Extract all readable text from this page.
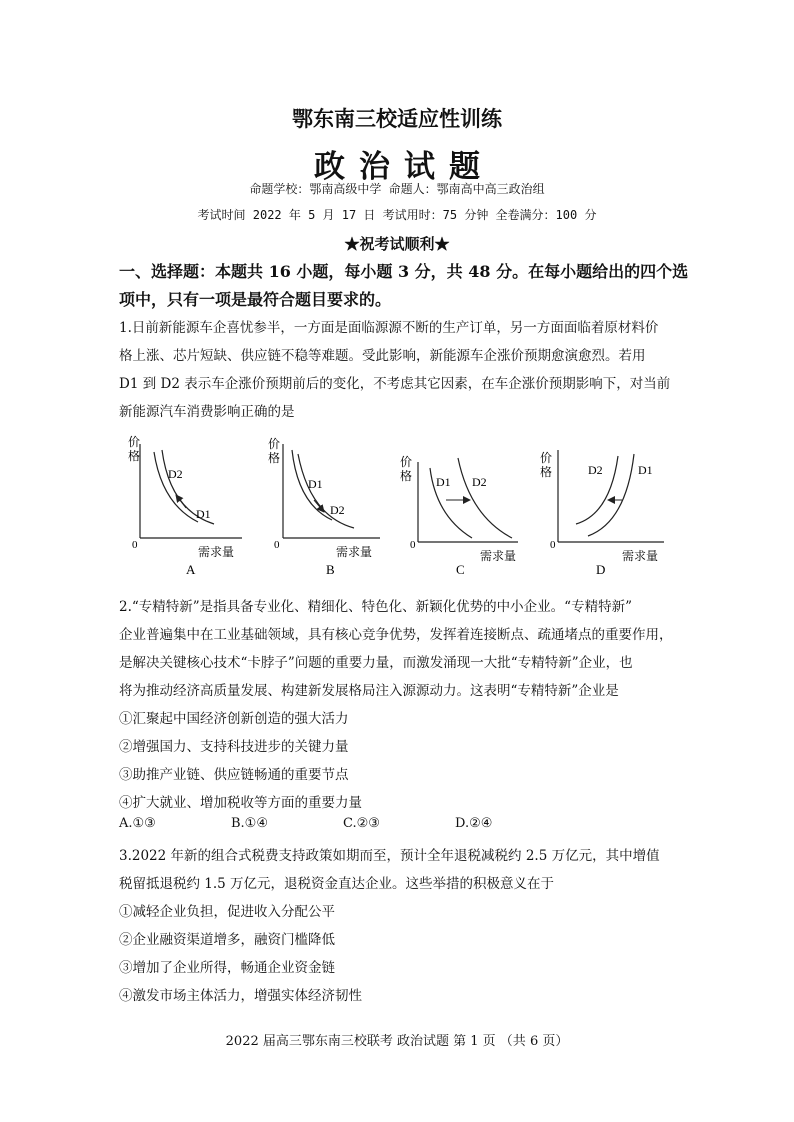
鄂东南三校适应性训练
政治试题
命题学校：鄂南高级中学 命题人：鄂南高中高三政治组
考试时间 2022 年 5 月 17 日 考试用时：75 分钟 全卷满分：100 分
★祝考试顺利★
一、选择题：本题共 16 小题，每小题 3 分，共 48 分。在每小题给出的四个选
项中，只有一项是最符合题目要求的。
1.日前新能源车企喜忧参半，一方面是面临源源不断的生产订单，另一方面面临着原材料价
格上涨、芯片短缺、供应链不稳等难题。受此影响，新能源车企涨价预期愈演愈烈。若用
D1 到 D2 表示车企涨价预期前后的变化，不考虑其它因素，在车企涨价预期影响下，对当前
新能源汽车消费影响正确的是
价
格
0	需求量
D2
D1
A
价
格
0	需求量
D1
D2
B
价
格
0
需求量
D1 D2
C
价
格
0
需求量
D2	D1
D
2.“专精特新”是指具备专业化、精细化、特色化、新颖化优势的中小企业。“专精特新”
企业普遍集中在工业基础领域，具有核心竞争优势，发挥着连接断点、疏通堵点的重要作用，
是解决关键核心技术“卡脖子”问题的重要力量，而激发涌现一大批“专精特新”企业，也
将为推动经济高质量发展、构建新发展格局注入源源动力。这表明“专精特新”企业是
①汇聚起中国经济创新创造的强大活力
②增强国力、支持科技进步的关键力量
③助推产业链、供应链畅通的重要节点
④扩大就业、增加税收等方面的重要力量
A.①③	B.①④	C.②③	D.②④
3.2022 年新的组合式税费支持政策如期而至，预计全年退税减税约 2.5 万亿元，其中增值
税留抵退税约 1.5 万亿元，退税资金直达企业。这些举措的积极意义在于
①减轻企业负担，促进收入分配公平
②企业融资渠道增多，融资门槛降低
③增加了企业所得，畅通企业资金链
④激发市场主体活力，增强实体经济韧性
2022 届高三鄂东南三校联考 政治试题 第 1 页 （共 6 页）
